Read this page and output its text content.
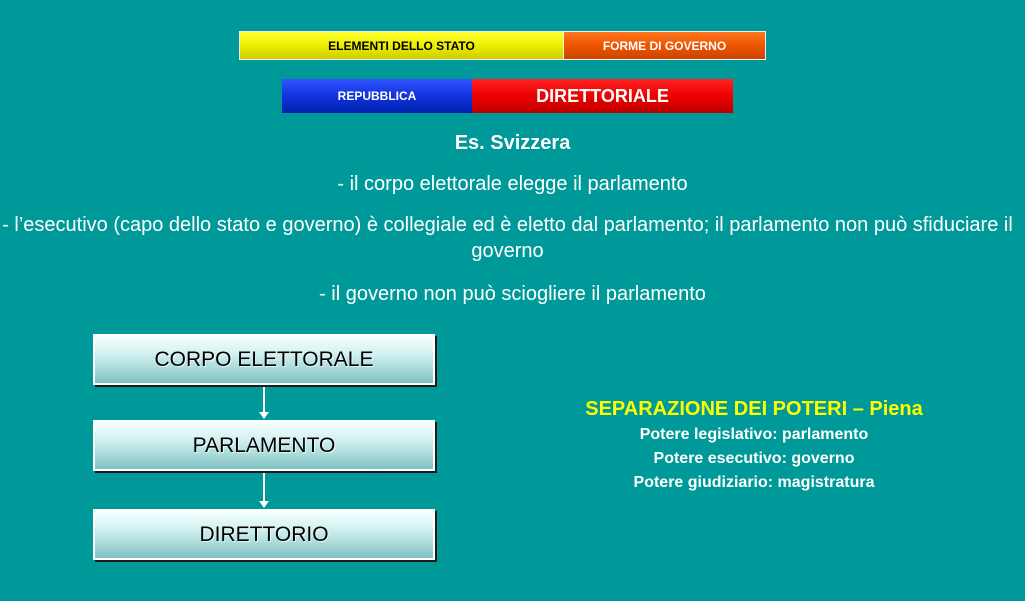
ELEMENTI DELLO STATO	FORME DI GOVERNO
REPUBBLICA	DIRETTORIALE
Es. Svizzera
- il corpo elettorale elegge il parlamento
- l’esecutivo (capo dello stato e governo) è collegiale ed è eletto dal parlamento; il parlamento non può sfiduciare il governo
- il governo non può sciogliere il parlamento
CORPO ELETTORALE
PARLAMENTO
DIRETTORIO
SEPARAZIONE DEI POTERI – Piena
Potere legislativo: parlamento
Potere esecutivo: governo
Potere giudiziario: magistratura
